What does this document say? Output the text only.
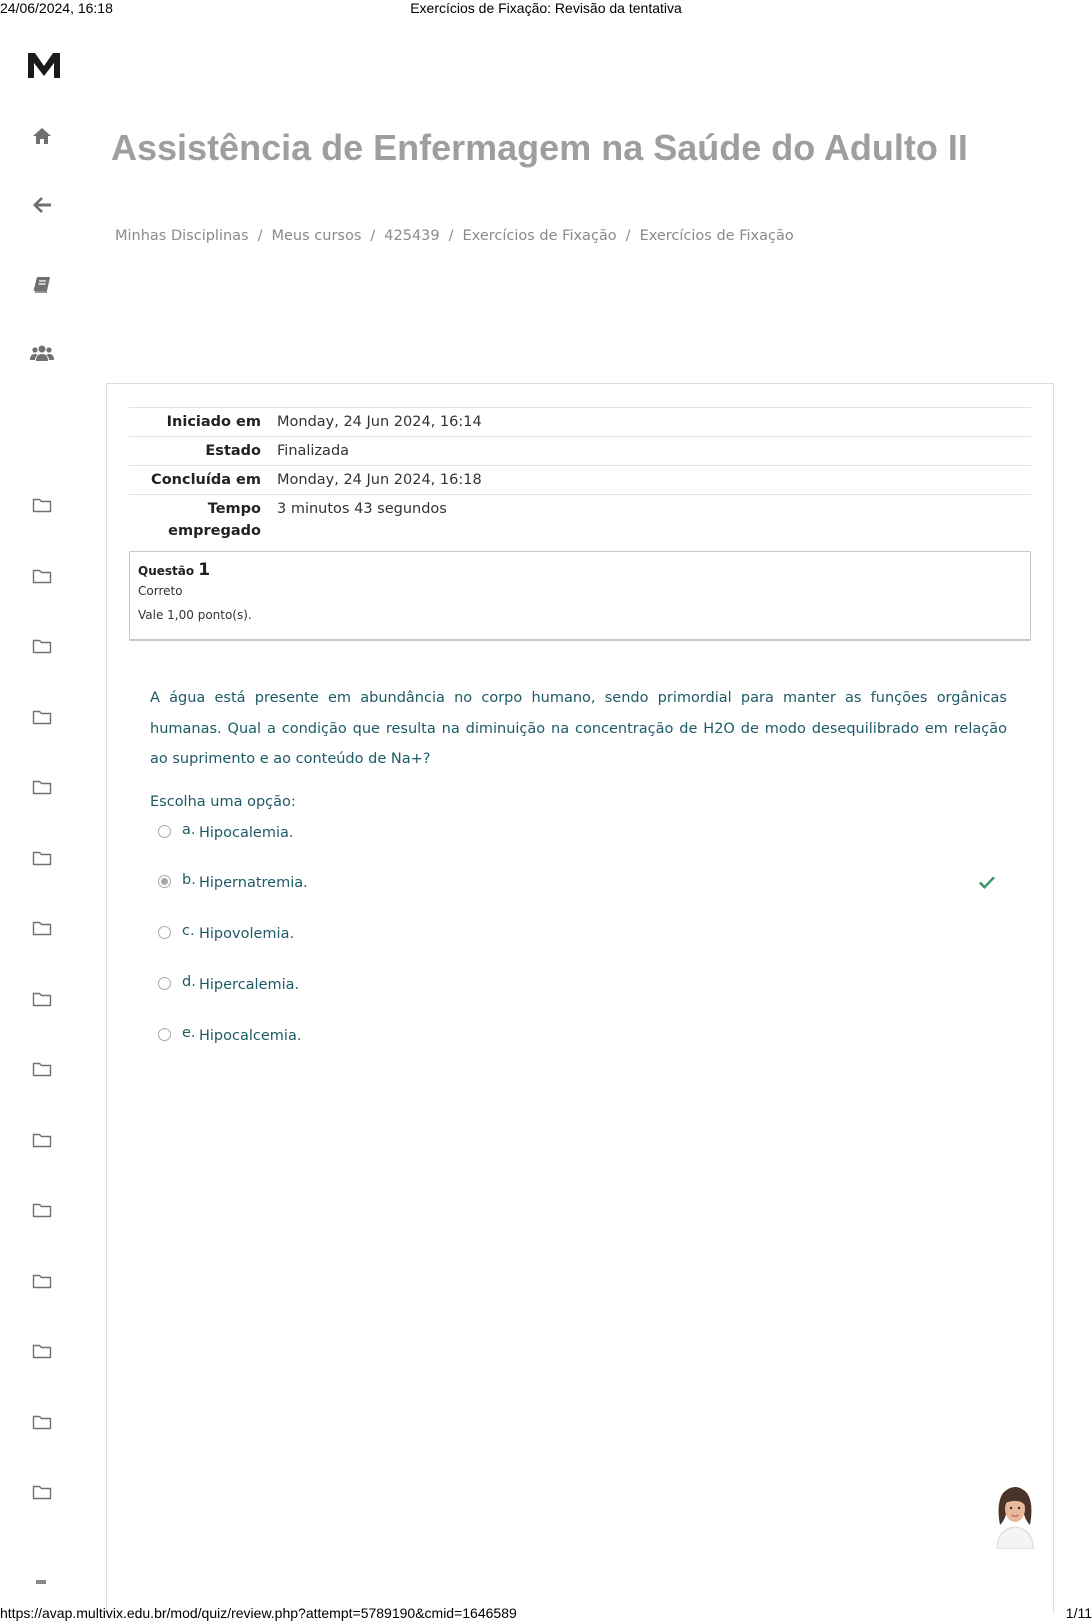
24/06/2024, 16:18	Exercícios de Fixação: Revisão da tentativa
Assistência de Enfermagem na Saúde do Adulto II
Minhas Disciplinas / Meus cursos / 425439 / Exercícios de Fixação / Exercícios de Fixação
Iniciado em	Monday, 24 Jun 2024, 16:14
Estado	Finalizada
Concluída em	Monday, 24 Jun 2024, 16:18
Tempo empregado	3 minutos 43 segundos
Questão 1
Correto
Vale 1,00 ponto(s).

A água está presente em abundância no corpo humano, sendo primordial para manter as funções orgânicas humanas. Qual a condição que resulta na diminuição na concentração de H2O de modo desequilibrado em relação ao suprimento e ao conteúdo de Na+?

Escolha uma opção:
a. Hipocalemia.
b. Hipernatremia.
c. Hipovolemia.
d. Hipercalemia.
e. Hipocalcemia.
https://avap.multivix.edu.br/mod/quiz/review.php?attempt=5789190&cmid=1646589	1/11
